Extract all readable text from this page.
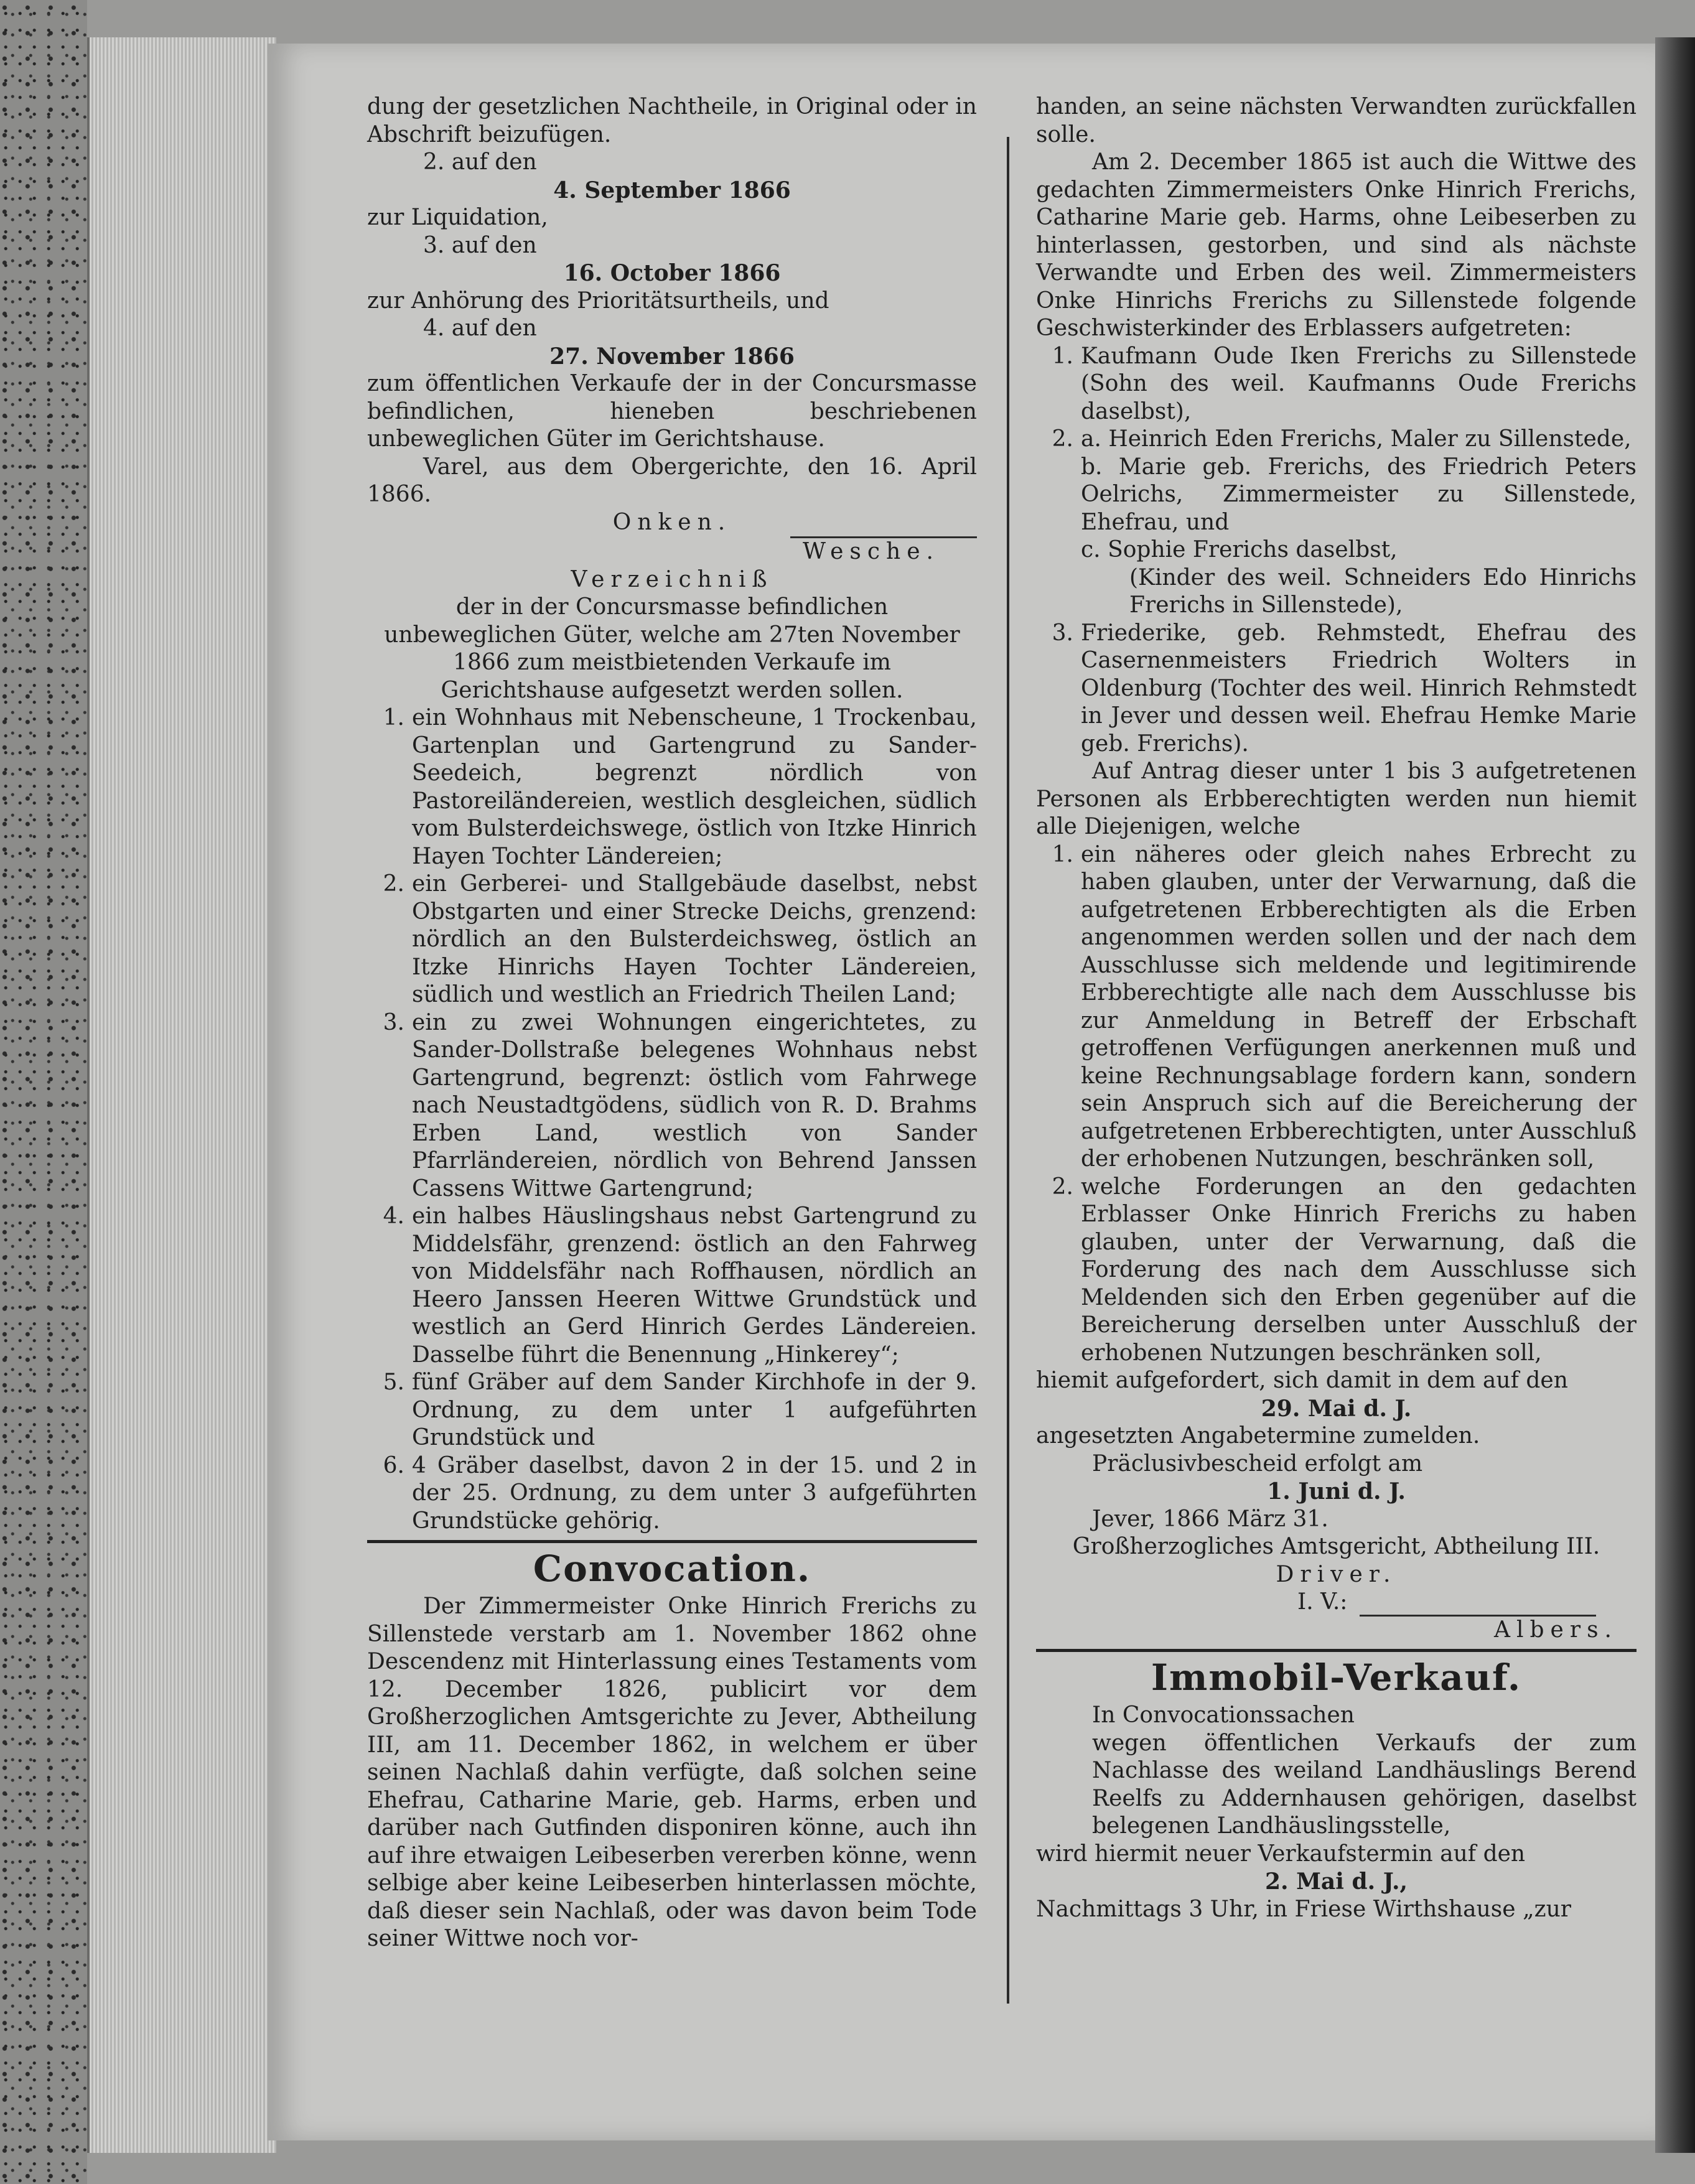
dung der gesetzlichen Nachtheile, in Original oder in Abschrift beizufügen.

2. auf den

4. September 1866

zur Liquidation,

3. auf den

16. October 1866

zur Anhörung des Prioritätsurtheils, und

4. auf den

27. November 1866

zum öffentlichen Verkaufe der in der Concursmasse befindlichen, hieneben beschriebenen unbeweglichen Güter im Gerichtshause.

Varel, aus dem Obergerichte, den 16. April 1866.

Onken.

Wesche.

Verzeichniß

der in der Concursmasse befindlichen unbeweglichen Güter, welche am 27ten November 1866 zum meistbietenden Verkaufe im Gerichtshause aufgesetzt werden sollen.

1. ein Wohnhaus mit Nebenscheune, 1 Trockenbau, Gartenplan und Gartengrund zu Sander-Seedeich, begrenzt nördlich von Pastoreiländereien, westlich desgleichen, südlich vom Bulsterdeichswege, östlich von Itzke Hinrich Hayen Tochter Ländereien;
2. ein Gerberei- und Stallgebäude daselbst, nebst Obstgarten und einer Strecke Deichs, grenzend: nördlich an den Bulsterdeichsweg, östlich an Itzke Hinrichs Hayen Tochter Ländereien, südlich und westlich an Friedrich Theilen Land;
3. ein zu zwei Wohnungen eingerichtetes, zu Sander-Dollstraße belegenes Wohnhaus nebst Gartengrund, begrenzt: östlich vom Fahrwege nach Neustadtgödens, südlich von R. D. Brahms Erben Land, westlich von Sander Pfarrländereien, nördlich von Behrend Janssen Cassens Wittwe Gartengrund;
4. ein halbes Häuslingshaus nebst Gartengrund zu Middelsfähr, grenzend: östlich an den Fahrweg von Middelsfähr nach Roffhausen, nördlich an Heero Janssen Heeren Wittwe Grundstück und westlich an Gerd Hinrich Gerdes Ländereien. Dasselbe führt die Benennung „Hinkerey“;
5. fünf Gräber auf dem Sander Kirchhofe in der 9. Ordnung, zu dem unter 1 aufgeführten Grundstück und
6. 4 Gräber daselbst, davon 2 in der 15. und 2 in der 25. Ordnung, zu dem unter 3 aufgeführten Grundstücke gehörig.

Convocation.

Der Zimmermeister Onke Hinrich Frerichs zu Sillenstede verstarb am 1. November 1862 ohne Descendenz mit Hinterlassung eines Testaments vom 12. December 1826, publicirt vor dem Großherzoglichen Amtsgerichte zu Jever, Abtheilung III, am 11. December 1862, in welchem er über seinen Nachlaß dahin verfügte, daß solchen seine Ehefrau, Catharine Marie, geb. Harms, erben und darüber nach Gutfinden disponiren könne, auch ihn auf ihre etwaigen Leibeserben vererben könne, wenn selbige aber keine Leibeserben hinterlassen möchte, daß dieser sein Nachlaß, oder was davon beim Tode seiner Wittwe noch vor-

handen, an seine nächsten Verwandten zurückfallen solle.

Am 2. December 1865 ist auch die Wittwe des gedachten Zimmermeisters Onke Hinrich Frerichs, Catharine Marie geb. Harms, ohne Leibeserben zu hinterlassen, gestorben, und sind als nächste Verwandte und Erben des weil. Zimmermeisters Onke Hinrichs Frerichs zu Sillenstede folgende Geschwisterkinder des Erblassers aufgetreten:

1. Kaufmann Oude Iken Frerichs zu Sillenstede (Sohn des weil. Kaufmanns Oude Frerichs daselbst),
2. a. Heinrich Eden Frerichs, Maler zu Sillenstede,
b. Marie geb. Frerichs, des Friedrich Peters Oelrichs, Zimmermeister zu Sillenstede, Ehefrau, und
c. Sophie Frerichs daselbst,

(Kinder des weil. Schneiders Edo Hinrichs Frerichs in Sillenstede),

3. Friederike, geb. Rehmstedt, Ehefrau des Casernenmeisters Friedrich Wolters in Oldenburg (Tochter des weil. Hinrich Rehmstedt in Jever und dessen weil. Ehefrau Hemke Marie geb. Frerichs).

Auf Antrag dieser unter 1 bis 3 aufgetretenen Personen als Erbberechtigten werden nun hiemit alle Diejenigen, welche

1. ein näheres oder gleich nahes Erbrecht zu haben glauben, unter der Verwarnung, daß die aufgetretenen Erbberechtigten als die Erben angenommen werden sollen und der nach dem Ausschlusse sich meldende und legitimirende Erbberechtigte alle nach dem Ausschlusse bis zur Anmeldung in Betreff der Erbschaft getroffenen Verfügungen anerkennen muß und keine Rechnungsablage fordern kann, sondern sein Anspruch sich auf die Bereicherung der aufgetretenen Erbberechtigten, unter Ausschluß der erhobenen Nutzungen, beschränken soll,
2. welche Forderungen an den gedachten Erblasser Onke Hinrich Frerichs zu haben glauben, unter der Verwarnung, daß die Forderung des nach dem Ausschlusse sich Meldenden sich den Erben gegenüber auf die Bereicherung derselben unter Ausschluß der erhobenen Nutzungen beschränken soll,

hiemit aufgefordert, sich damit in dem auf den

29. Mai d. J.

angesetzten Angabetermine zumelden.

Präclusivbescheid erfolgt am

1. Juni d. J.

Jever, 1866 März 31.

Großherzogliches Amtsgericht, Abtheilung III.

Driver.

I. V.:

Albers.

Immobil-Verkauf.

In Convocationssachen

wegen öffentlichen Verkaufs der zum Nachlasse des weiland Landhäuslings Berend Reelfs zu Addernhausen gehörigen, daselbst belegenen Landhäuslingsstelle,

wird hiermit neuer Verkaufstermin auf den

2. Mai d. J.,

Nachmittags 3 Uhr, in Friese Wirthshause „zur
